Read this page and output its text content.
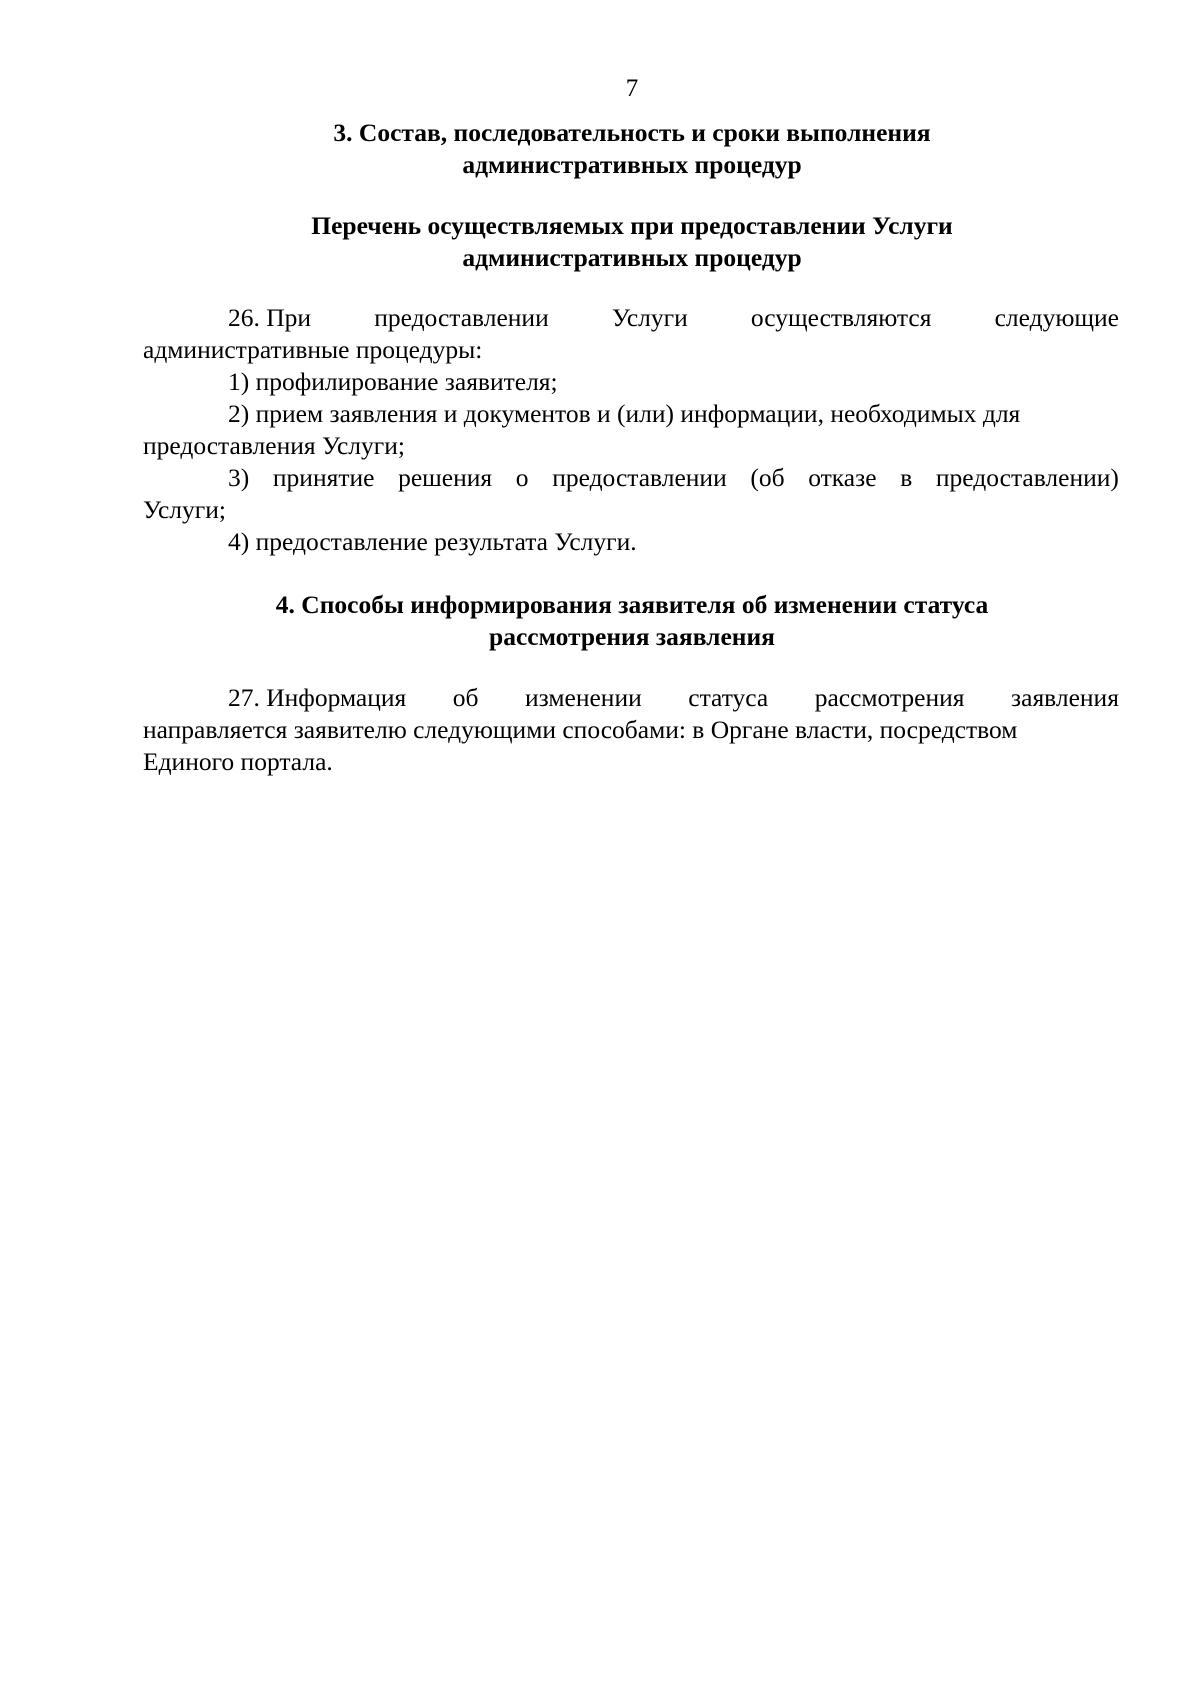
7
3. Состав, последовательность и сроки выполнения
административных процедур
Перечень осуществляемых при предоставлении Услуги
административных процедур
26. При предоставлении Услуги осуществляются следующие
административные процедуры:
1) профилирование заявителя;
2) прием заявления и документов и (или) информации, необходимых для
предоставления Услуги;
3) принятие решения о предоставлении (об отказе в предоставлении)
Услуги;
4) предоставление результата Услуги.
4. Способы информирования заявителя об изменении статуса
рассмотрения заявления
27. Информация об изменении статуса рассмотрения заявления
направляется заявителю следующими способами: в Органе власти, посредством
Единого портала.
